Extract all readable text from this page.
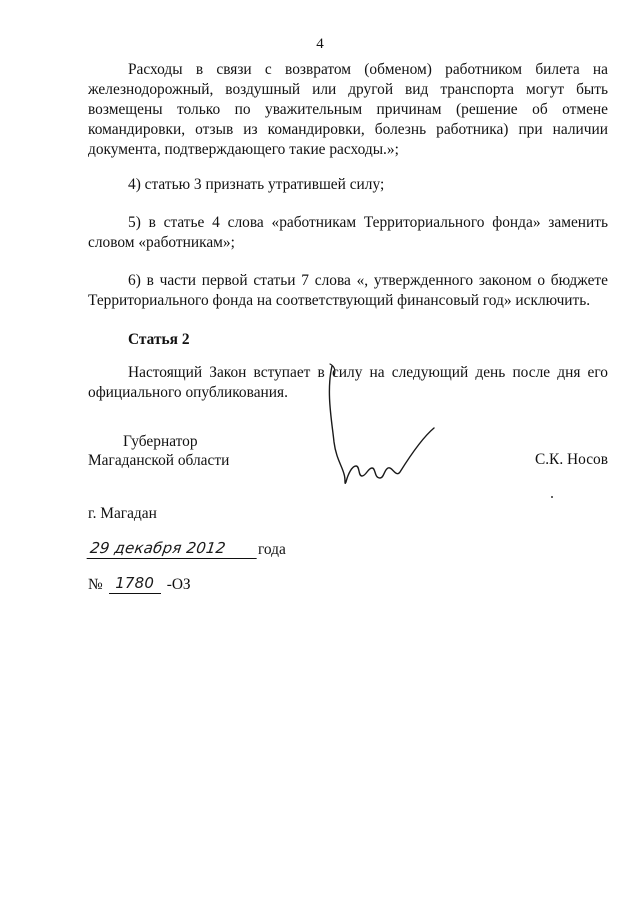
4

Расходы в связи с возвратом (обменом) работником билета на железнодорожный, воздушный или другой вид транспорта могут быть возмещены только по уважительным причинам (решение об отмене командировки, отзыв из командировки, болезнь работника) при наличии документа, подтверждающего такие расходы.»;

4) статью 3 признать утратившей силу;

5) в статье 4 слова «работникам Территориального фонда» заменить словом «работникам»;

6) в части первой статьи 7 слова «, утвержденного законом о бюджете Территориального фонда на соответствующий финансовый год» исключить.

Статья 2

Настоящий Закон вступает в силу на следующий день после дня его официального опубликования.

Губернатор
Магаданской области	С.К. Носов
г. Магадан
29 декабря 2012	года
№ 1780 -ОЗ
